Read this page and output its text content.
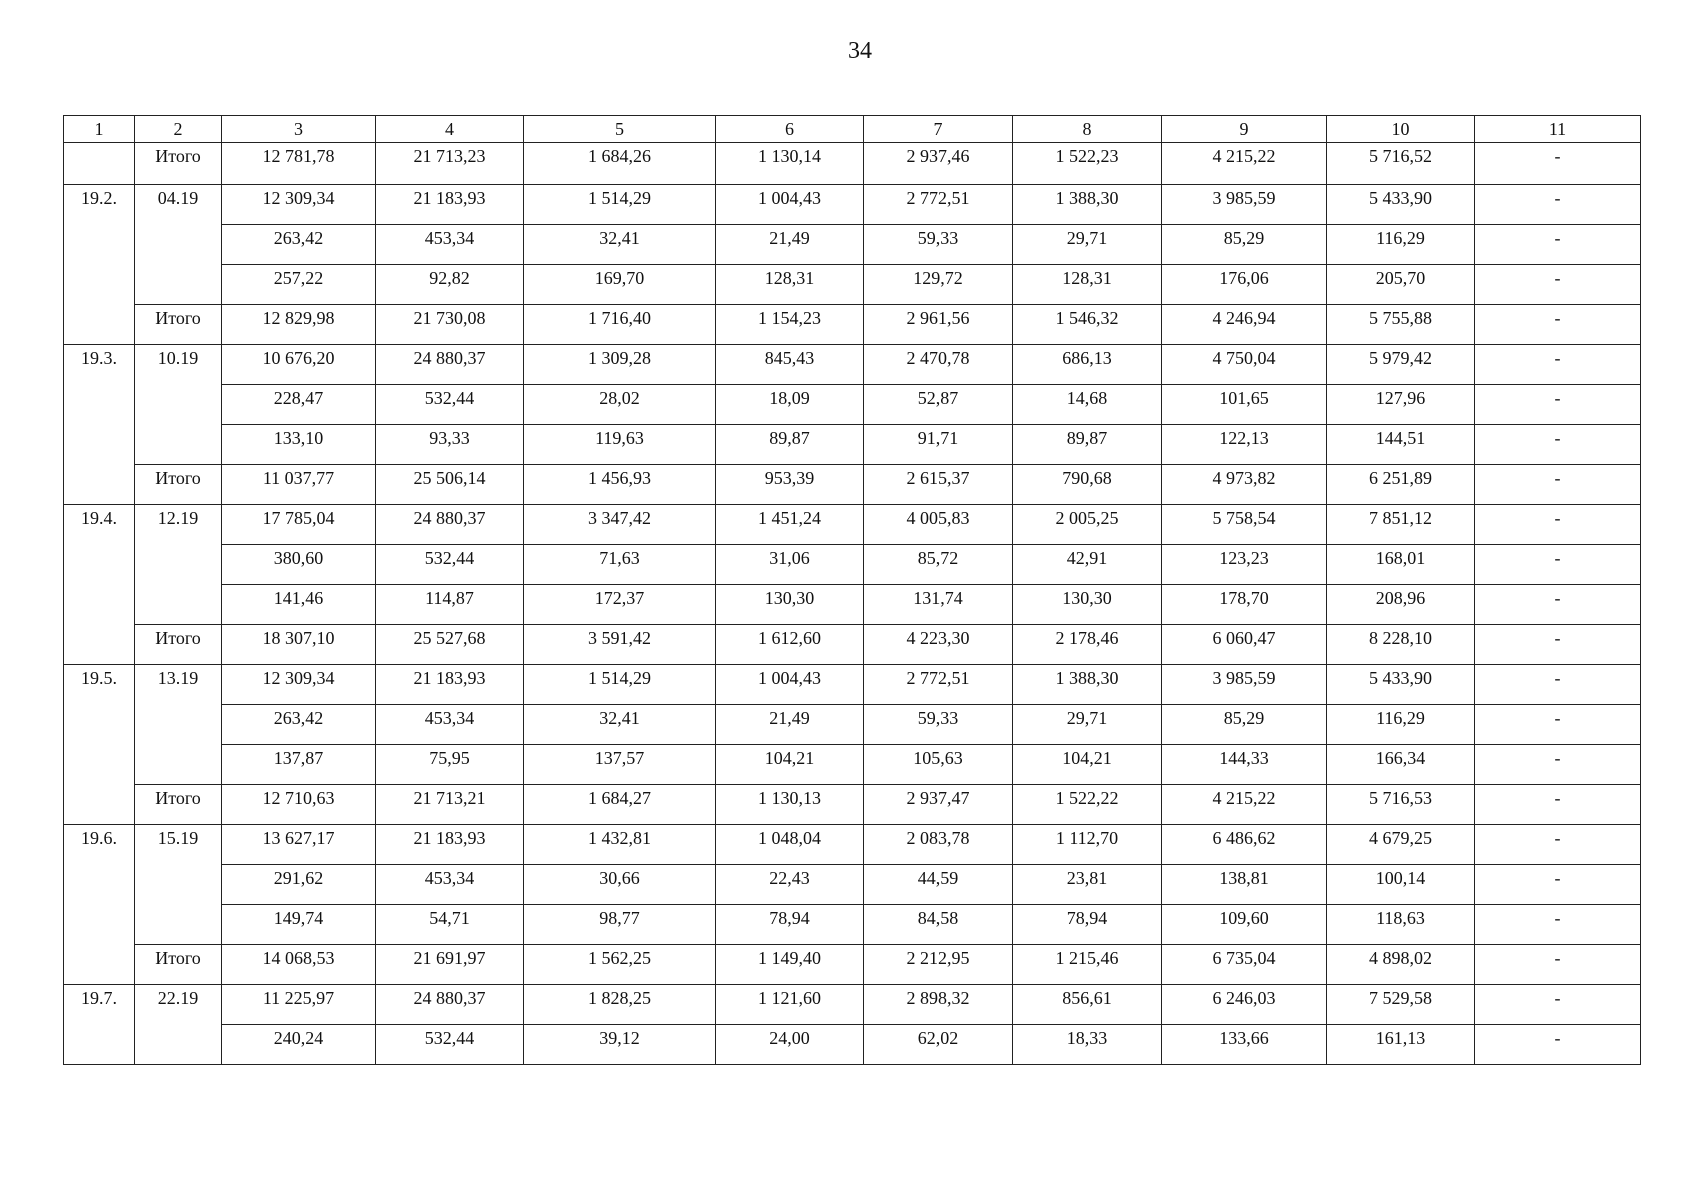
34
1	2	3	4	5	6	7	8	9	10	11
	Итого	12 781,78	21 713,23	1 684,26	1 130,14	2 937,46	1 522,23	4 215,22	5 716,52	-
19.2.	04.19	12 309,34	21 183,93	1 514,29	1 004,43	2 772,51	1 388,30	3 985,59	5 433,90	-
		263,42	453,34	32,41	21,49	59,33	29,71	85,29	116,29	-
		257,22	92,82	169,70	128,31	129,72	128,31	176,06	205,70	-
	Итого	12 829,98	21 730,08	1 716,40	1 154,23	2 961,56	1 546,32	4 246,94	5 755,88	-
19.3.	10.19	10 676,20	24 880,37	1 309,28	845,43	2 470,78	686,13	4 750,04	5 979,42	-
		228,47	532,44	28,02	18,09	52,87	14,68	101,65	127,96	-
		133,10	93,33	119,63	89,87	91,71	89,87	122,13	144,51	-
	Итого	11 037,77	25 506,14	1 456,93	953,39	2 615,37	790,68	4 973,82	6 251,89	-
19.4.	12.19	17 785,04	24 880,37	3 347,42	1 451,24	4 005,83	2 005,25	5 758,54	7 851,12	-
		380,60	532,44	71,63	31,06	85,72	42,91	123,23	168,01	-
		141,46	114,87	172,37	130,30	131,74	130,30	178,70	208,96	-
	Итого	18 307,10	25 527,68	3 591,42	1 612,60	4 223,30	2 178,46	6 060,47	8 228,10	-
19.5.	13.19	12 309,34	21 183,93	1 514,29	1 004,43	2 772,51	1 388,30	3 985,59	5 433,90	-
		263,42	453,34	32,41	21,49	59,33	29,71	85,29	116,29	-
		137,87	75,95	137,57	104,21	105,63	104,21	144,33	166,34	-
	Итого	12 710,63	21 713,21	1 684,27	1 130,13	2 937,47	1 522,22	4 215,22	5 716,53	-
19.6.	15.19	13 627,17	21 183,93	1 432,81	1 048,04	2 083,78	1 112,70	6 486,62	4 679,25	-
		291,62	453,34	30,66	22,43	44,59	23,81	138,81	100,14	-
		149,74	54,71	98,77	78,94	84,58	78,94	109,60	118,63	-
	Итого	14 068,53	21 691,97	1 562,25	1 149,40	2 212,95	1 215,46	6 735,04	4 898,02	-
19.7.	22.19	11 225,97	24 880,37	1 828,25	1 121,60	2 898,32	856,61	6 246,03	7 529,58	-
		240,24	532,44	39,12	24,00	62,02	18,33	133,66	161,13	-
